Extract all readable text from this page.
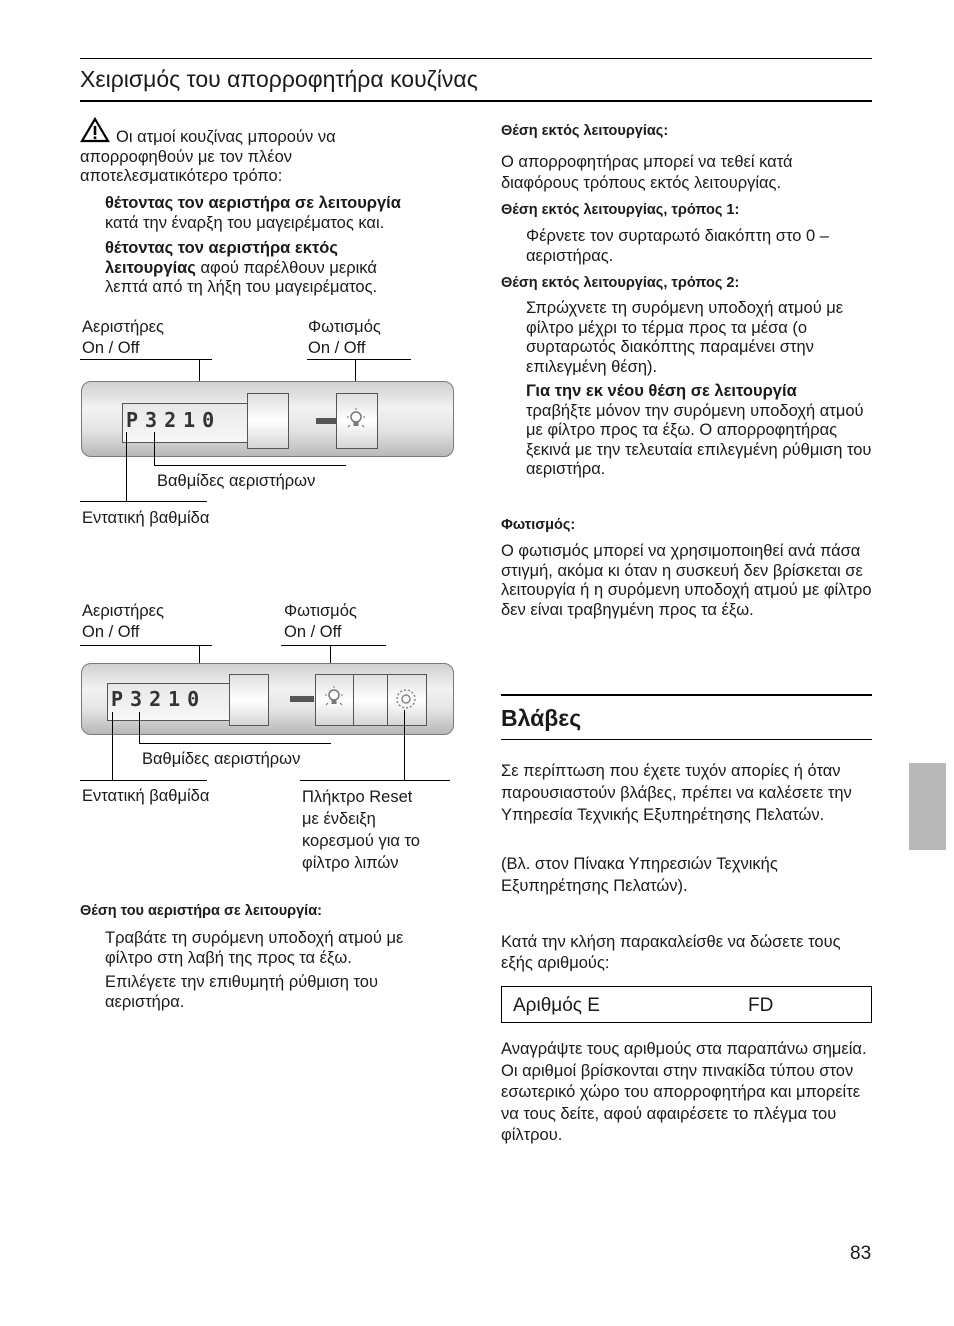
Χειρισμός του απορροφητήρα κουζίνας
Οι ατμοί κουζίνας μπορούν να απορροφηθούν με τον πλέον αποτελεσματικότερο τρόπο:
θέτοντας τον αεριστήρα σε λειτουργία
κατά την έναρξη του μαγειρέματος και.
θέτοντας τον αεριστήρα εκτός
λειτουργίας αφού παρέλθουν μερικά
λεπτά από τη λήξη του μαγειρέματος.
Αεριστήρες
On / Off
Φωτισμός
On / Off
P3210
Βαθμίδες αεριστήρων
Εντατική βαθμίδα
Αεριστήρες
On / Off
Φωτισμός
On / Off
P3210
Βαθμίδες αεριστήρων
Εντατική βαθμίδα	Πλήκτρο Reset
με ένδειξη
κορεσμού για το
φίλτρο λιπών
Θέση του αεριστήρα σε λειτουργία:
Τραβάτε τη συρόμενη υποδοχή ατμού με φίλτρο στη λαβή της προς τα έξω.
Επιλέγετε την επιθυμητή ρύθμιση του αεριστήρα.
Θέση εκτός λειτουργίας:
Ο απορροφητήρας μπορεί να τεθεί κατά διαφόρους τρόπους εκτός λειτουργίας.
Θέση εκτός λειτουργίας, τρόπος 1:
Φέρνετε τον συρταρωτό διακόπτη στο 0 – αεριστήρας.
Θέση εκτός λειτουργίας, τρόπος 2:
Σπρώχνετε τη συρόμενη υποδοχή ατμού με φίλτρο μέχρι το τέρμα προς τα μέσα (ο συρταρωτός διακόπτης παραμένει στην επιλεγμένη θέση).
Για την εκ νέου θέση σε λειτουργία
τραβήξτε μόνον την συρόμενη υποδοχή ατμού με φίλτρο προς τα έξω. Ο απορροφητήρας ξεκινά με την τελευταία επιλεγμένη ρύθμιση του αεριστήρα.
Φωτισμός:
Ο φωτισμός μπορεί να χρησιμοποιηθεί ανά πάσα στιγμή, ακόμα κι όταν η συσκευή δεν βρίσκεται σε λειτουργία ή η συρόμενη υποδοχή ατμού με φίλτρο δεν είναι τραβηγμένη προς τα έξω.
Βλάβες
Σε περίπτωση που έχετε τυχόν απορίες ή όταν παρουσιαστούν βλάβες, πρέπει να καλέσετε την Υπηρεσία Τεχνικής Εξυπηρέτησης Πελατών.
(Βλ. στον Πίνακα Υπηρεσιών Τεχνικής Εξυπηρέτησης Πελατών).
Κατά την κλήση παρακαλείσθε να δώσετε τους εξής αριθμούς:
Αριθμός E	FD
Αναγράψτε τους αριθμούς στα παραπάνω σημεία. Οι αριθμοί βρίσκονται στην πινακίδα τύπου στον εσωτερικό χώρο του απορροφητήρα και μπορείτε να τους δείτε, αφού αφαιρέσετε το πλέγμα του φίλτρου.
83
